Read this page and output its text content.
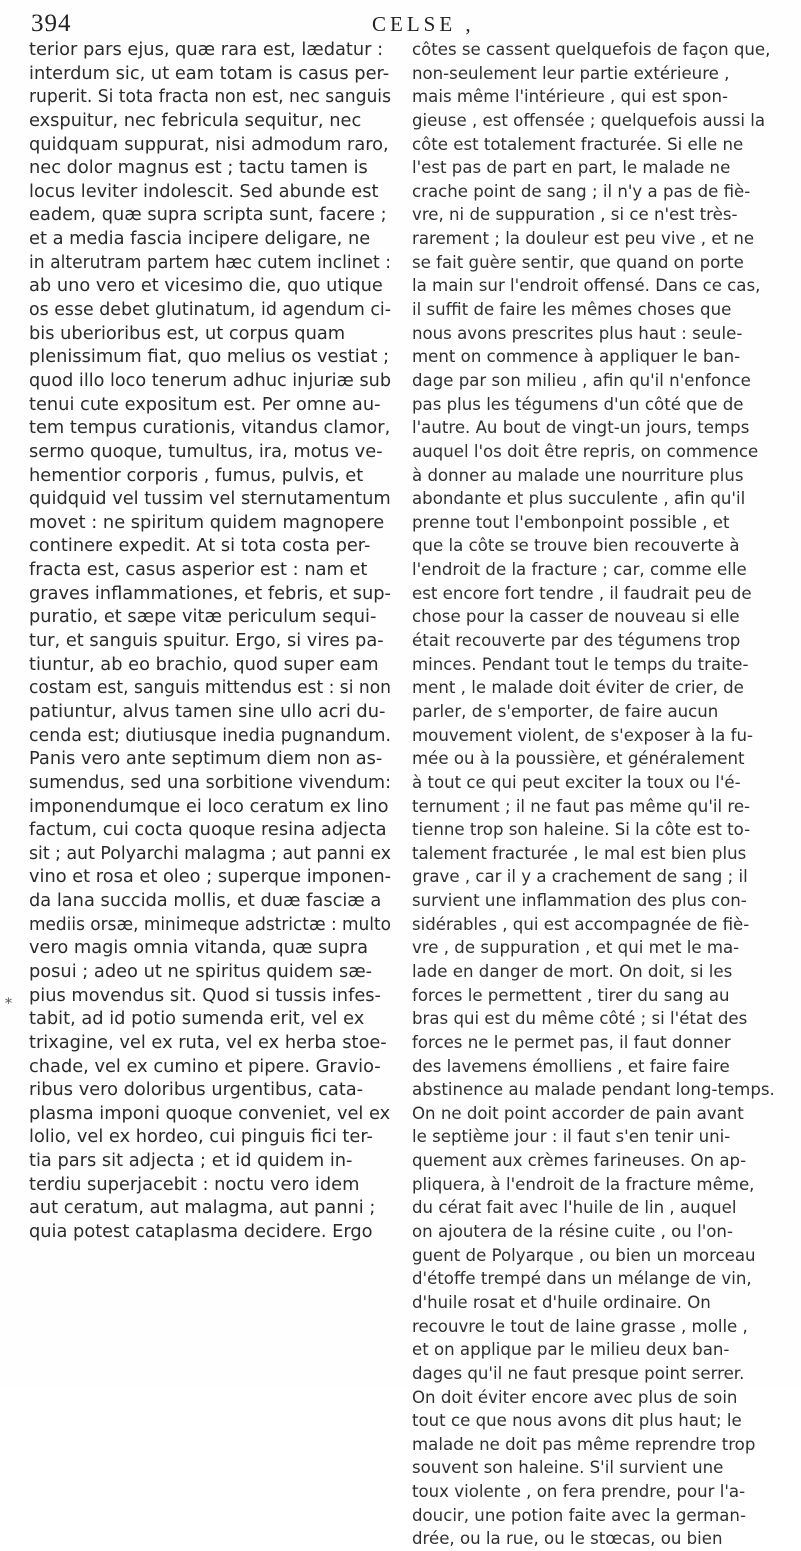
394	CELSE ,
*
terior pars ejus, quæ rara est, lædatur :
interdum sic, ut eam totam is casus per-
ruperit. Si tota fracta non est, nec sanguis
exspuitur, nec febricula sequitur, nec
quidquam suppurat, nisi admodum raro,
nec dolor magnus est ; tactu tamen is
locus leviter indolescit. Sed abunde est
eadem, quæ supra scripta sunt, facere ;
et a media fascia incipere deligare, ne
in alterutram partem hæc cutem inclinet :
ab uno vero et vicesimo die, quo utique
os esse debet glutinatum, id agendum ci-
bis uberioribus est, ut corpus quam
plenissimum fiat, quo melius os vestiat ;
quod illo loco tenerum adhuc injuriæ sub
tenui cute expositum est. Per omne au-
tem tempus curationis, vitandus clamor,
sermo quoque, tumultus, ira, motus ve-
hementior corporis , fumus, pulvis, et
quidquid vel tussim vel sternutamentum
movet : ne spiritum quidem magnopere
continere expedit. At si tota costa per-
fracta est, casus asperior est : nam et
graves inflammationes, et febris, et sup-
puratio, et sæpe vitæ periculum sequi-
tur, et sanguis spuitur. Ergo, si vires pa-
tiuntur, ab eo brachio, quod super eam
costam est, sanguis mittendus est : si non
patiuntur, alvus tamen sine ullo acri du-
cenda est; diutiusque inedia pugnandum.
Panis vero ante septimum diem non as-
sumendus, sed una sorbitione vivendum:
imponendumque ei loco ceratum ex lino
factum, cui cocta quoque resina adjecta
sit ; aut Polyarchi malagma ; aut panni ex
vino et rosa et oleo ; superque imponen-
da lana succida mollis, et duæ fasciæ a
mediis orsæ, minimeque adstrictæ : multo
vero magis omnia vitanda, quæ supra
posui ; adeo ut ne spiritus quidem sæ-
pius movendus sit. Quod si tussis infes-
tabit, ad id potio sumenda erit, vel ex
trixagine, vel ex ruta, vel ex herba stoe-
chade, vel ex cumino et pipere. Gravio-
ribus vero doloribus urgentibus, cata-
plasma imponi quoque conveniet, vel ex
lolio, vel ex hordeo, cui pinguis fici ter-
tia pars sit adjecta ; et id quidem in-
terdiu superjacebit : noctu vero idem
aut ceratum, aut malagma, aut panni ;
quia potest cataplasma decidere. Ergo
côtes se cassent quelquefois de façon que,
non-seulement leur partie extérieure ,
mais même l'intérieure , qui est spon-
gieuse , est offensée ; quelquefois aussi la
côte est totalement fracturée. Si elle ne
l'est pas de part en part, le malade ne
crache point de sang ; il n'y a pas de fiè-
vre, ni de suppuration , si ce n'est très-
rarement ; la douleur est peu vive , et ne
se fait guère sentir, que quand on porte
la main sur l'endroit offensé. Dans ce cas,
il suffit de faire les mêmes choses que
nous avons prescrites plus haut : seule-
ment on commence à appliquer le ban-
dage par son milieu , afin qu'il n'enfonce
pas plus les tégumens d'un côté que de
l'autre. Au bout de vingt-un jours, temps
auquel l'os doit être repris, on commence
à donner au malade une nourriture plus
abondante et plus succulente , afin qu'il
prenne tout l'embonpoint possible , et
que la côte se trouve bien recouverte à
l'endroit de la fracture ; car, comme elle
est encore fort tendre , il faudrait peu de
chose pour la casser de nouveau si elle
était recouverte par des tégumens trop
minces. Pendant tout le temps du traite-
ment , le malade doit éviter de crier, de
parler, de s'emporter, de faire aucun
mouvement violent, de s'exposer à la fu-
mée ou à la poussière, et généralement
à tout ce qui peut exciter la toux ou l'é-
ternument ; il ne faut pas même qu'il re-
tienne trop son haleine. Si la côte est to-
talement fracturée , le mal est bien plus
grave , car il y a crachement de sang ; il
survient une inflammation des plus con-
sidérables , qui est accompagnée de fiè-
vre , de suppuration , et qui met le ma-
lade en danger de mort. On doit, si les
forces le permettent , tirer du sang au
bras qui est du même côté ; si l'état des
forces ne le permet pas, il faut donner
des lavemens émolliens , et faire faire
abstinence au malade pendant long-temps.
On ne doit point accorder de pain avant
le septième jour : il faut s'en tenir uni-
quement aux crèmes farineuses. On ap-
pliquera, à l'endroit de la fracture même,
du cérat fait avec l'huile de lin , auquel
on ajoutera de la résine cuite , ou l'on-
guent de Polyarque , ou bien un morceau
d'étoffe trempé dans un mélange de vin,
d'huile rosat et d'huile ordinaire. On
recouvre le tout de laine grasse , molle ,
et on applique par le milieu deux ban-
dages qu'il ne faut presque point serrer.
On doit éviter encore avec plus de soin
tout ce que nous avons dit plus haut; le
malade ne doit pas même reprendre trop
souvent son haleine. S'il survient une
toux violente , on fera prendre, pour l'a-
doucir, une potion faite avec la german-
drée, ou la rue, ou le stœcas, ou bien
